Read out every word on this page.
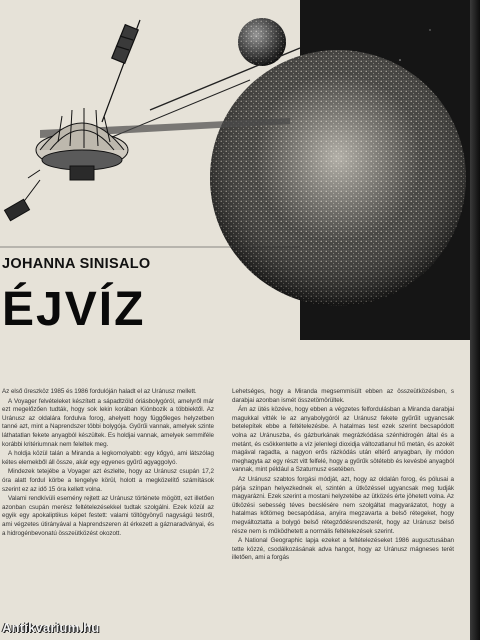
JOHANNA SINISALO
ÉJVÍZ

Az első űreszköz 1985 és 1986 fordulóján haladt el az Uránusz mellett.

A Voyager felvételeket készített a sápadtzöld óriásbolygóról, amelyről már ezt megelőzően tudták, hogy sok lekin korában Kiónbozik a többiektől. Az Uránusz az oldalára fordulva forog, ahelyett hogy függőleges helyzetben tanné azt, mint a Naprendszer többi bolygója. Gyűrűi vannak, amelyek szinte láthatatlan fekete anyagból készültek. Es holdjai vannak, amelyek semmiféle korábbi kritériumnak nem feleltek meg.

A holdja közül talán a Miranda a legkomolyabb: egy kőgyó, ami látszólag kétes elemekből áll össze, akár egy egyenes gyűrű agyaggolyó.

Mindezek tetejébe a Voyager azt észlelte, hogy az Uránusz csupán 17,2 óra alatt fordul körbe a tengelye körül, holott a megközelítő számítások szerint ez az idő 15 óra kellett volna.

Valami rendkívüli esemény rejtett az Uránusz története mögött, ezt illetően azonban csupán merész feltételezésekkel tudtak szolgálni. Ezek közül az egyik egy apokaliptikus képet festett: valami töltögyönyű nagyságú testről, ami végzetes útirányával a Naprendszeren át érkezett a gáznaradványai, és a hidrogénbevonatú összeütközést okozott.

Lehetséges, hogy a Miranda megsemmisült ebben az összeütközésben, s darabjai azonban ismét összetömörültek.

Ám az ütés közéve, hogy ebben a végzetes felfordulásban a Miranda darabjai magukkal vitték le az anyabolygóról az Uránusz fekete gyűrűit ugyancsak betelepítek ebbe a feltételezésbe. A hatalmas test ezek szerint becsapódott volna az Uránuszba, és gázburkának megrázkódása szénhidrogén által és a metánt, és csökkentette a víz jelenlegi dioxidja változatlanul hű metán, és azokét magával ragadta, a nagyon erős rázkódás után eltérő anyagban, ily módon meghagyta az egy részt vitt felfelé, hogy a gyűrűk sötétebb és kevésbé anyagból vannak, mint például a Szaturnusz esetében.

Az Uránusz szabtos forgási módját, azt, hogy az oldalán forog, és pólusai a párja színpan helyezkednek el, szintén a ütközéssel ugyancsak meg tudják magyarázni. Ezek szerint a mostani helyzetébe az ütközés érte jöhetett volna. Az ütközési sebesség téves becslésére nem szolgáltat magyarázatot, hogy a hatalmas kőtömeg becsapódása, anyira megzavarta a belső rétegeket, hogy megváltoztatta a bolygó belső rétegződésrendszerét, hogy az Uránusz belső része nem is működhetett a normális feltételezések szerint.

A National Geographic lapja ezeket a feltételezéseket 1986 augusztusában tette közzé, csodálkozásának adva hangot, hogy az Uránusz mágneses terét illetően, ami a forgás

Antikvarium.hu
